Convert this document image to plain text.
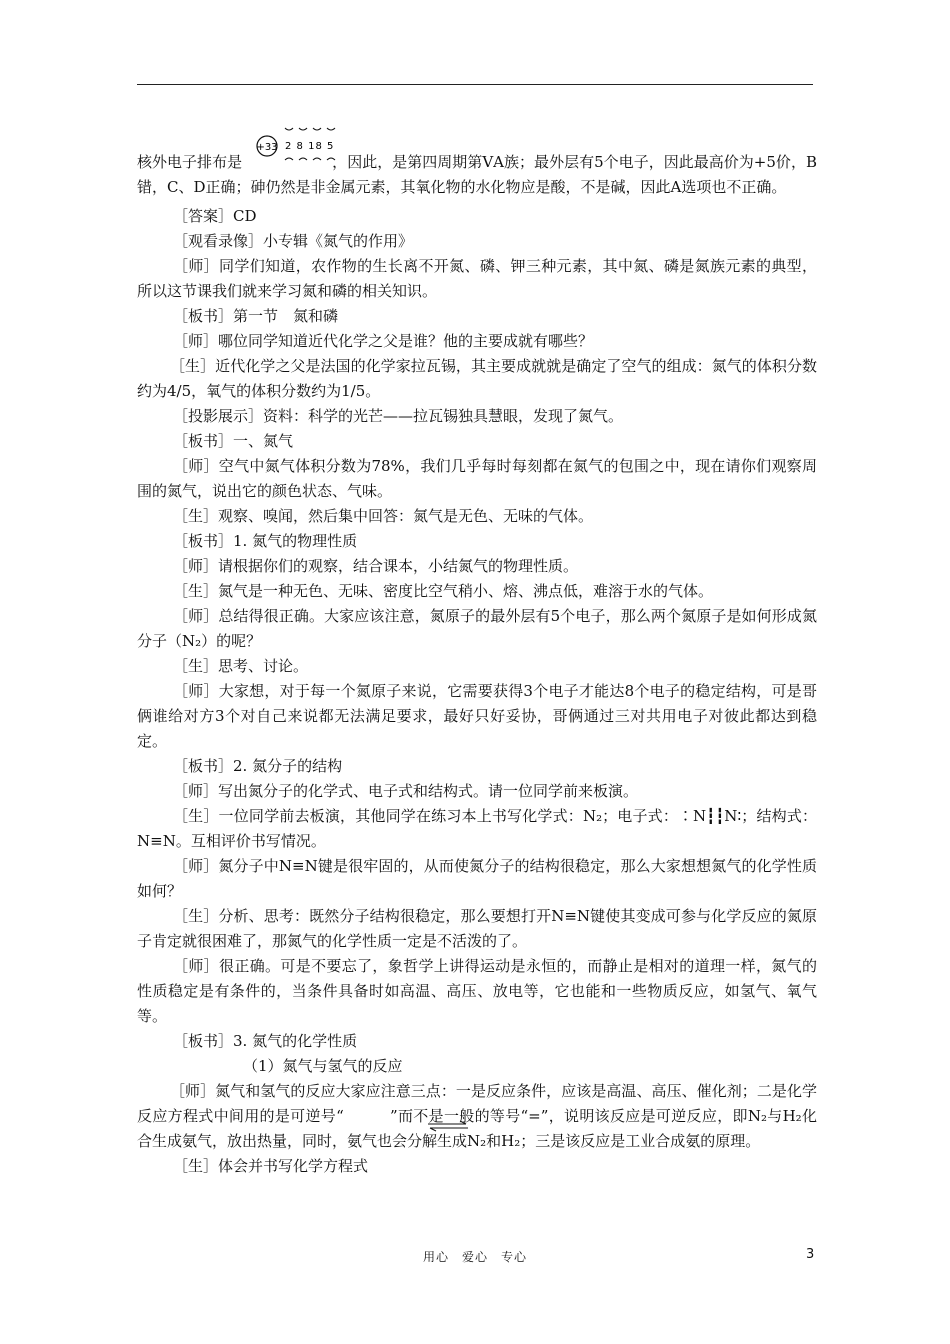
+33 2 8 18 5

核外电子排布是　　　　　　，因此，是第四周期第ⅤA族；最外层有5个电子，因此最高价为+5价，B错，C、D正确；砷仍然是非金属元素，其氧化物的水化物应是酸，不是碱，因此A选项也不正确。

［答案］CD

［观看录像］小专辑《氮气的作用》

［师］同学们知道，农作物的生长离不开氮、磷、钾三种元素，其中氮、磷是氮族元素的典型，所以这节课我们就来学习氮和磷的相关知识。

［板书］第一节　氮和磷

［师］哪位同学知道近代化学之父是谁？他的主要成就有哪些？

［生］近代化学之父是法国的化学家拉瓦锡，其主要成就就是确定了空气的组成：氮气的体积分数约为4/5，氧气的体积分数约为1/5。

［投影展示］资料：科学的光芒——拉瓦锡独具慧眼，发现了氮气。

［板书］一、氮气

［师］空气中氮气体积分数为78%，我们几乎每时每刻都在氮气的包围之中，现在请你们观察周围的氮气，说出它的颜色状态、气味。

［生］观察、嗅闻，然后集中回答：氮气是无色、无味的气体。

［板书］1. 氮气的物理性质

［师］请根据你们的观察，结合课本，小结氮气的物理性质。

［生］氮气是一种无色、无味、密度比空气稍小、熔、沸点低，难溶于水的气体。

［师］总结得很正确。大家应该注意，氮原子的最外层有5个电子，那么两个氮原子是如何形成氮分子（N₂）的呢？

［生］思考、讨论。

［师］大家想，对于每一个氮原子来说，它需要获得3个电子才能达8个电子的稳定结构，可是哥俩谁给对方3个对自己来说都无法满足要求，最好只好妥协，哥俩通过三对共用电子对彼此都达到稳定。

［板书］2. 氮分子的结构

［师］写出氮分子的化学式、电子式和结构式。请一位同学前来板演。

［生］一位同学前去板演，其他同学在练习本上书写化学式：N₂；电子式：∶N┇┇N∶；结构式：N≡N。互相评价书写情况。

［师］氮分子中N≡N键是很牢固的，从而使氮分子的结构很稳定，那么大家想想氮气的化学性质如何？

［生］分析、思考：既然分子结构很稳定，那么要想打开N≡N键使其变成可参与化学反应的氮原子肯定就很困难了，那氮气的化学性质一定是不活泼的了。

［师］很正确。可是不要忘了，象哲学上讲得运动是永恒的，而静止是相对的道理一样，氮气的性质稳定是有条件的，当条件具备时如高温、高压、放电等，它也能和一些物质反应，如氢气、氧气等。

［板书］3. 氮气的化学性质

（1）氮气与氢气的反应

［师］氮气和氢气的反应大家应注意三点：一是反应条件，应该是高温、高压、催化剂；二是化学反应方程式中间用的是可逆号“　　　”而不是一般的等号“=”，说明该反应是可逆反应，即N₂与H₂化合生成氨气，放出热量，同时，氨气也会分解生成N₂和H₂；三是该反应是工业合成氨的原理。

［生］体会并书写化学方程式

用心　爱心　专心	3
